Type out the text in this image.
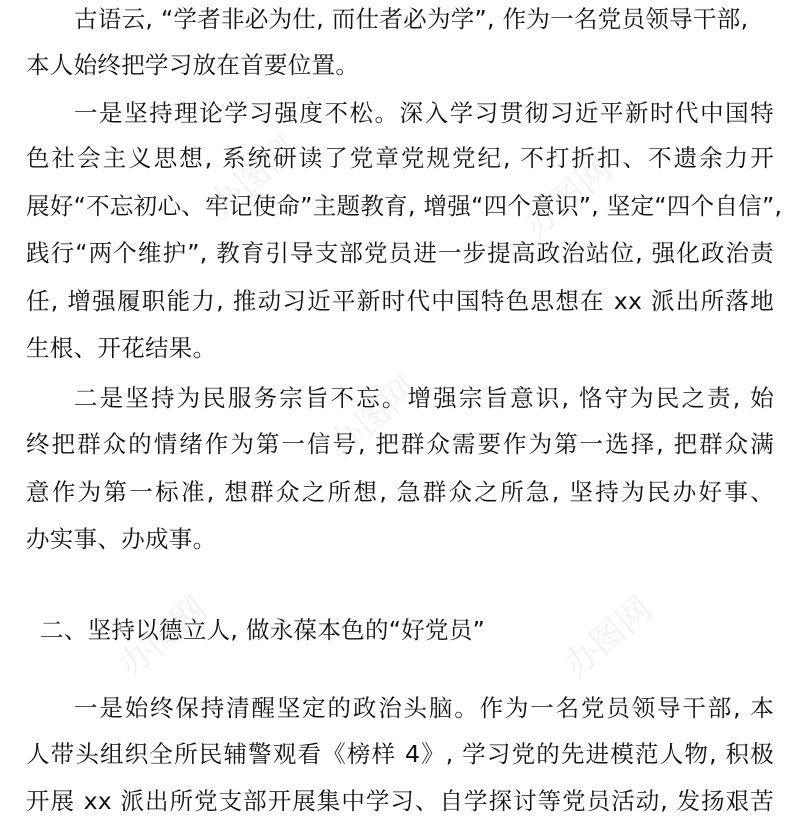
古语云, “学者非必为仕, 而仕者必为学”, 作为一名党员领导干部,
本人始终把学习放在首要位置。
一是坚持理论学习强度不松。深入学习贯彻习近平新时代中国特
色社会主义思想, 系统研读了党章党规党纪, 不打折扣、不遗余力开
展好“不忘初心、牢记使命”主题教育, 增强“四个意识”, 坚定“四个自信”,
践行“两个维护”, 教育引导支部党员进一步提高政治站位, 强化政治责
任, 增强履职能力, 推动习近平新时代中国特色思想在 xx 派出所落地
生根、开花结果。
二是坚持为民服务宗旨不忘。增强宗旨意识, 恪守为民之责, 始
终把群众的情绪作为第一信号, 把群众需要作为第一选择, 把群众满
意作为第一标准, 想群众之所想, 急群众之所急, 坚持为民办好事、
办实事、办成事。
二、坚持以德立人, 做永葆本色的“好党员”
一是始终保持清醒坚定的政治头脑。作为一名党员领导干部, 本
人带头组织全所民辅警观看《榜样 4》, 学习党的先进模范人物, 积极
开展 xx 派出所党支部开展集中学习、自学探讨等党员活动, 发扬艰苦
办图网	办图网
办图网
办图网	办图网
